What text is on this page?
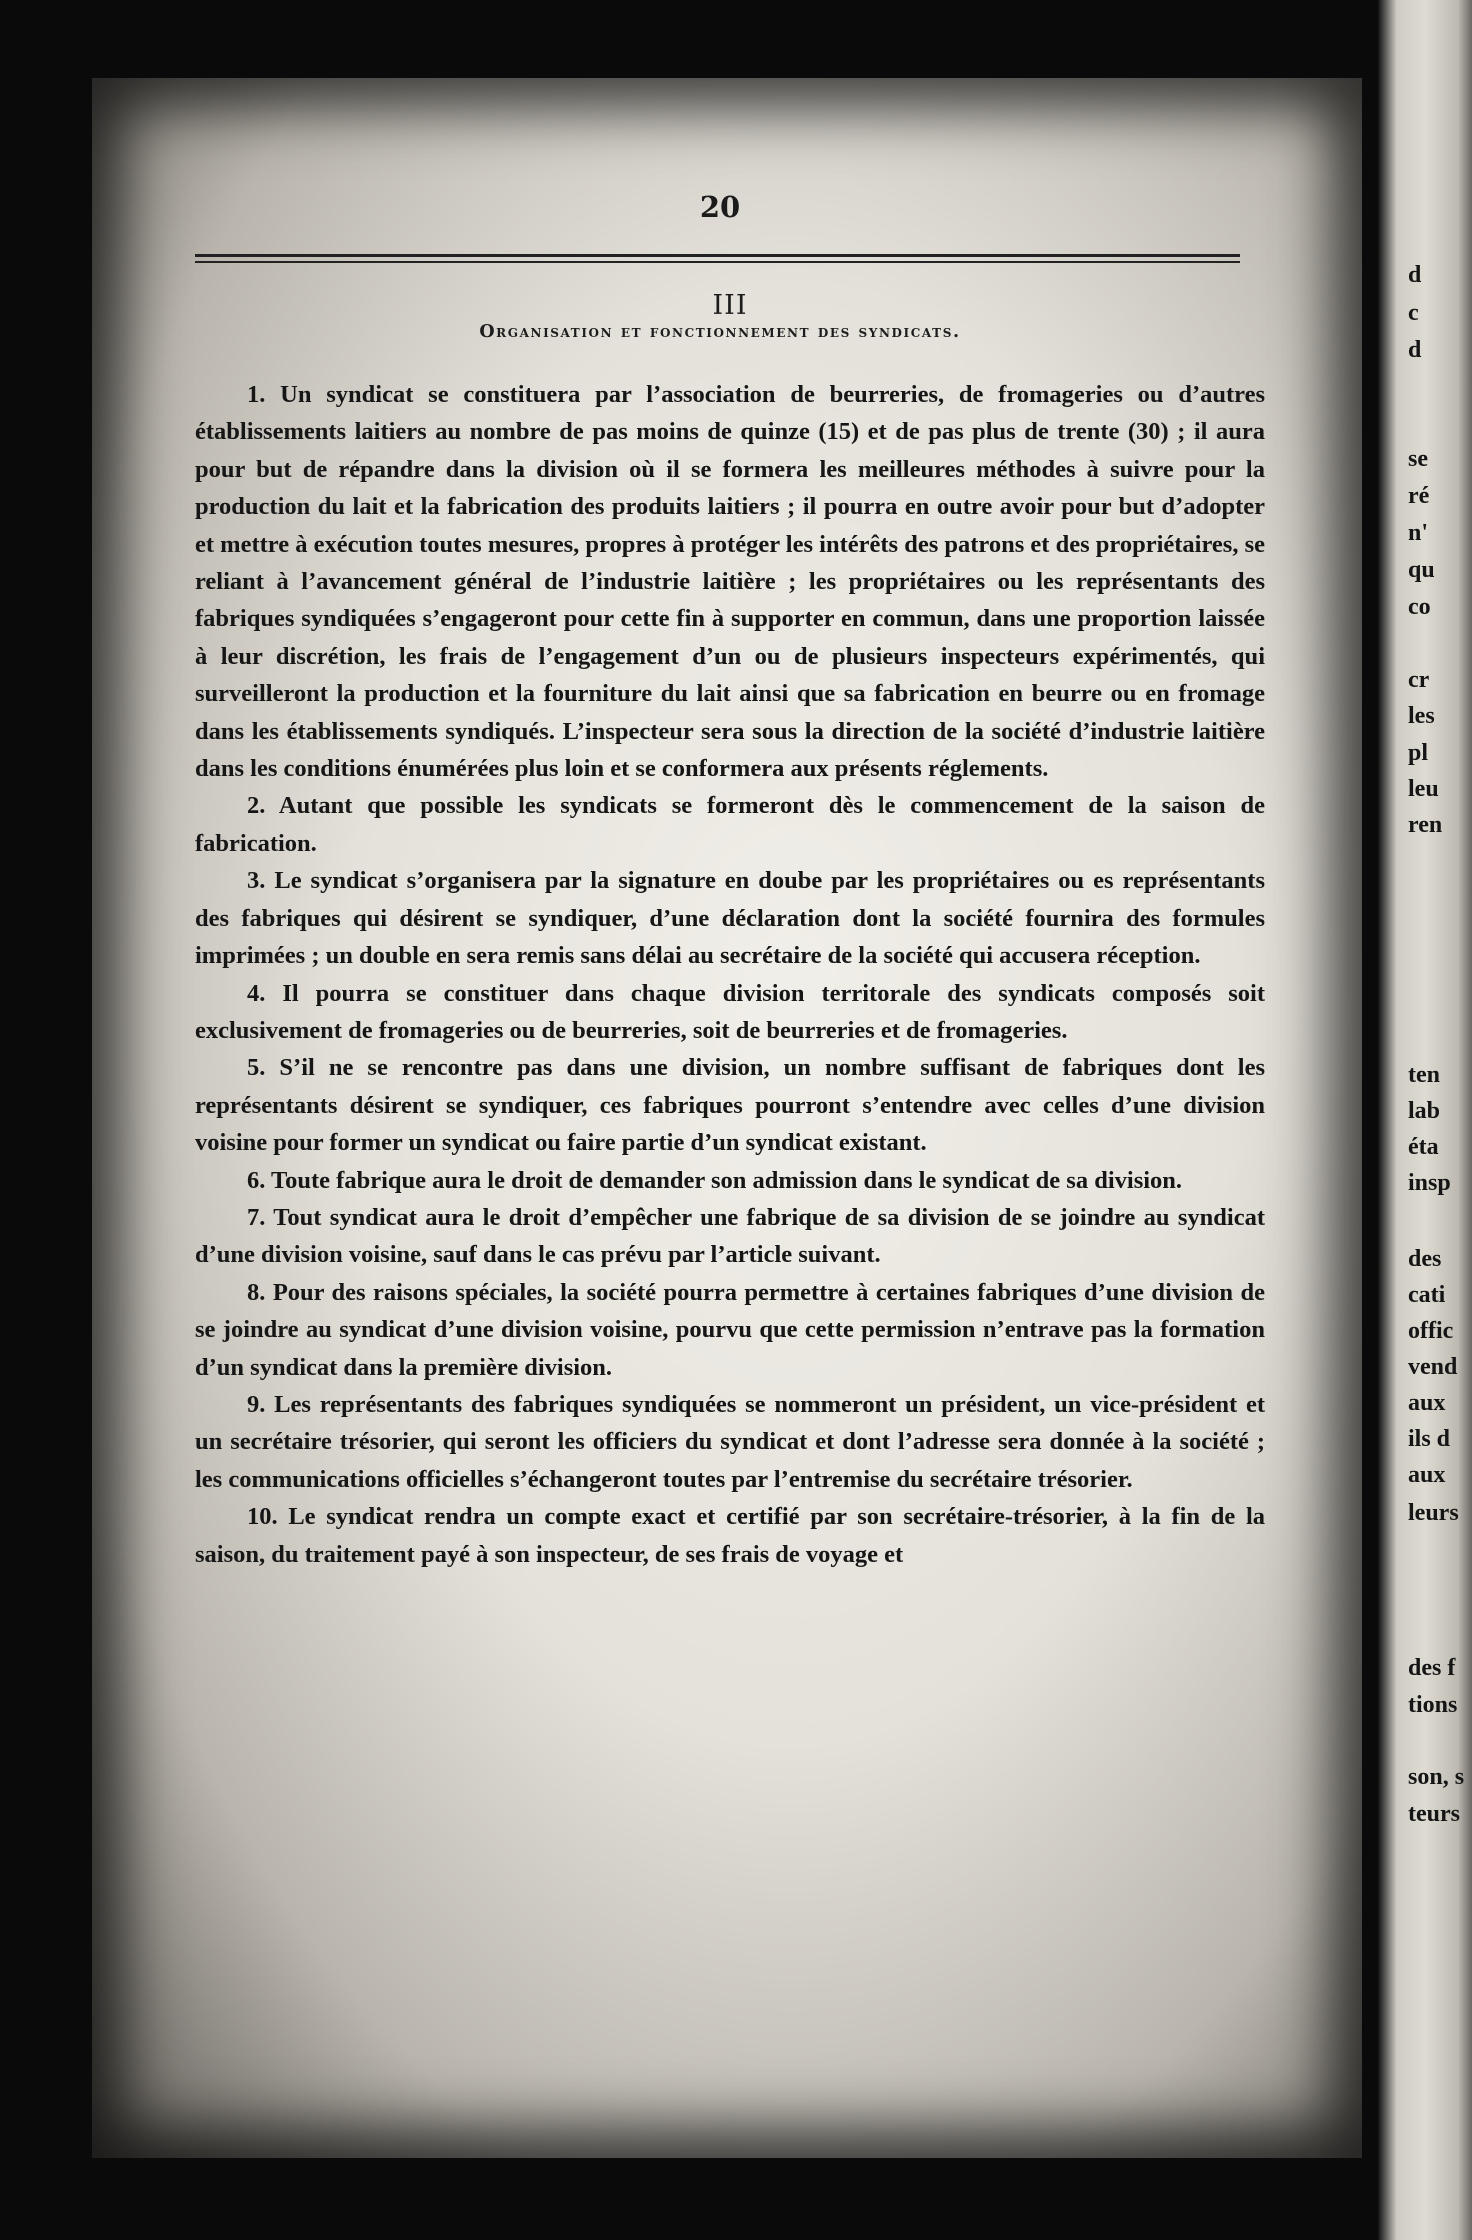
20
III
Organisation et fonctionnement des syndicats.

1. Un syndicat se constituera par l’association de beurreries, de fromageries ou d’autres établissements laitiers au nombre de pas moins de quinze (15) et de pas plus de trente (30) ; il aura pour but de répandre dans la division où il se formera les meilleures méthodes à suivre pour la production du lait et la fabrication des produits laitiers ; il pourra en outre avoir pour but d’adopter et mettre à exécution toutes mesures, propres à protéger les intérêts des patrons et des propriétaires, se reliant à l’avancement général de l’industrie laitière ; les propriétaires ou les représentants des fabriques syndiquées s’engageront pour cette fin à supporter en commun, dans une proportion laissée à leur discrétion, les frais de l’engagement d’un ou de plusieurs inspecteurs expérimentés, qui surveilleront la production et la fourniture du lait ainsi que sa fabrication en beurre ou en fromage dans les établissements syndiqués. L’inspecteur sera sous la direction de la société d’industrie laitière dans les conditions énumérées plus loin et se conformera aux présents réglements.

2. Autant que possible les syndicats se formeront dès le commencement de la saison de fabrication.

3. Le syndicat s’organisera par la signature en doube par les propriétaires ou es représentants des fabriques qui désirent se syndiquer, d’une déclaration dont la société fournira des formules imprimées ; un double en sera remis sans délai au secrétaire de la société qui accusera réception.

4. Il pourra se constituer dans chaque division territorale des syndicats composés soit exclusivement de fromageries ou de beurreries, soit de beurreries et de fromageries.

5. S’il ne se rencontre pas dans une division, un nombre suffisant de fabriques dont les représentants désirent se syndiquer, ces fabriques pourront s’entendre avec celles d’une division voisine pour former un syndicat ou faire partie d’un syndicat existant.

6. Toute fabrique aura le droit de demander son admission dans le syndicat de sa division.

7. Tout syndicat aura le droit d’empêcher une fabrique de sa division de se joindre au syndicat d’une division voisine, sauf dans le cas prévu par l’article suivant.

8. Pour des raisons spéciales, la société pourra permettre à certaines fabriques d’une division de se joindre au syndicat d’une division voisine, pourvu que cette permission n’entrave pas la formation d’un syndicat dans la première division.

9. Les représentants des fabriques syndiquées se nommeront un président, un vice-président et un secrétaire trésorier, qui seront les officiers du syndicat et dont l’adresse sera donnée à la société ; les communications officielles s’échangeront toutes par l’entremise du secrétaire trésorier.

10. Le syndicat rendra un compte exact et certifié par son secrétaire-trésorier, à la fin de la saison, du traitement payé à son inspecteur, de ses frais de voyage et

d
c
d
se
ré
n'
qu
co
cr
les
pl
leu
ren
ten
lab
éta
insp
des
cati
offic
vend
aux
ils d
aux
leurs
des f
tions
son, s
teurs
